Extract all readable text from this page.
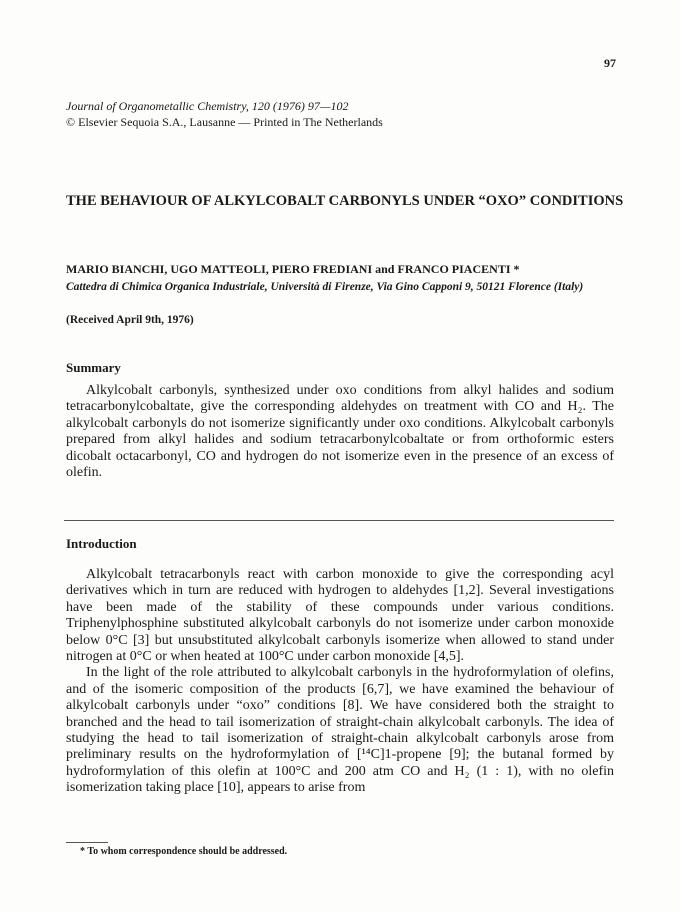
97
Journal of Organometallic Chemistry, 120 (1976) 97—102
© Elsevier Sequoia S.A., Lausanne — Printed in The Netherlands
THE BEHAVIOUR OF ALKYLCOBALT CARBONYLS UNDER “OXO” CONDITIONS
MARIO BIANCHI, UGO MATTEOLI, PIERO FREDIANI and FRANCO PIACENTI *
Cattedra di Chimica Organica Industriale, Università di Firenze, Via Gino Capponi 9, 50121 Florence (Italy)
(Received April 9th, 1976)
Summary

Alkylcobalt carbonyls, synthesized under oxo conditions from alkyl halides and sodium tetracarbonylcobaltate, give the corresponding aldehydes on treatment with CO and H₂. The alkylcobalt carbonyls do not isomerize significantly under oxo conditions. Alkylcobalt carbonyls prepared from alkyl halides and sodium tetracarbonylcobaltate or from orthoformic esters dicobalt octacarbonyl, CO and hydrogen do not isomerize even in the presence of an excess of olefin.

Introduction

Alkylcobalt tetracarbonyls react with carbon monoxide to give the corresponding acyl derivatives which in turn are reduced with hydrogen to aldehydes [1,2]. Several investigations have been made of the stability of these compounds under various conditions. Triphenylphosphine substituted alkylcobalt carbonyls do not isomerize under carbon monoxide below 0°C [3] but unsubstituted alkylcobalt carbonyls isomerize when allowed to stand under nitrogen at 0°C or when heated at 100°C under carbon monoxide [4,5].

In the light of the role attributed to alkylcobalt carbonyls in the hydroformylation of olefins, and of the isomeric composition of the products [6,7], we have examined the behaviour of alkylcobalt carbonyls under “oxo” conditions [8]. We have considered both the straight to branched and the head to tail isomerization of straight-chain alkylcobalt carbonyls. The idea of studying the head to tail isomerization of straight-chain alkylcobalt carbonyls arose from preliminary results on the hydroformylation of [¹⁴C]1-propene [9]; the butanal formed by hydroformylation of this olefin at 100°C and 200 atm CO and H₂ (1 : 1), with no olefin isomerization taking place [10], appears to arise from

* To whom correspondence should be addressed.
